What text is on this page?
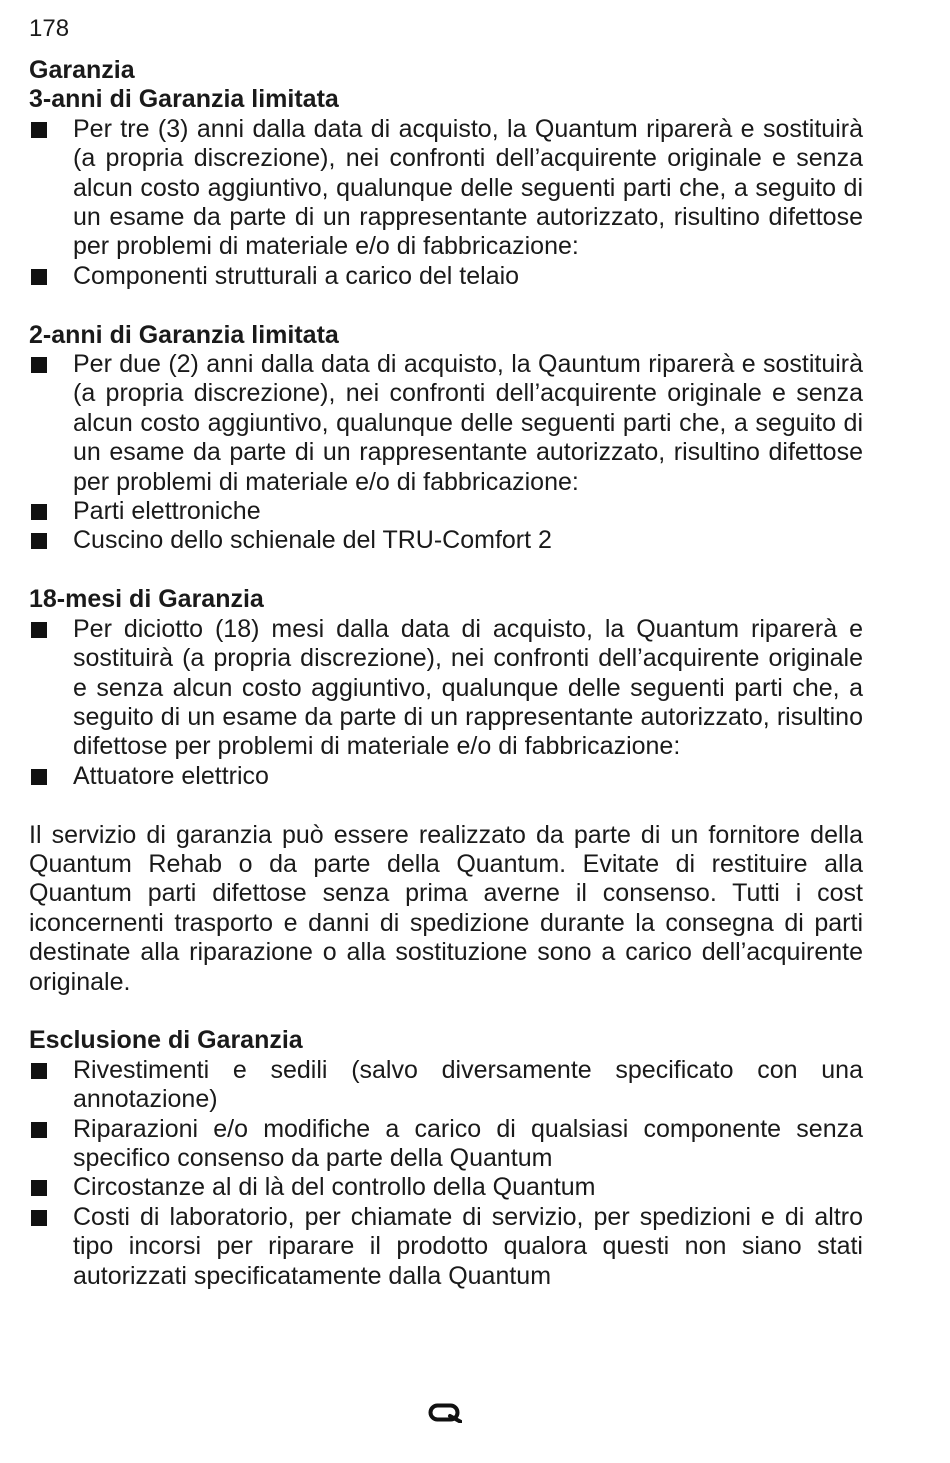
178
Garanzia
3-anni di Garanzia limitata
Per tre (3) anni dalla data di acquisto, la Quantum riparerà e sostituirà (a propria discrezione), nei confronti dell’acquirente originale e senza alcun costo aggiuntivo, qualunque delle seguenti parti che, a seguito di un esame da parte di un rappresentante autorizzato, risultino difettose per problemi di materiale e/o di fabbricazione:
Componenti strutturali a carico del telaio
2-anni di Garanzia limitata
Per due (2) anni dalla data di acquisto, la Qauntum riparerà e sostituirà (a propria discrezione), nei confronti dell’acquirente originale e senza alcun costo aggiuntivo, qualunque delle seguenti parti che, a seguito di un esame da parte di un rappresentante autorizzato, risultino difettose per problemi di materiale e/o di fabbricazione:
Parti elettroniche
Cuscino dello schienale del TRU-Comfort 2
18-mesi di Garanzia
Per diciotto (18) mesi dalla data di acquisto, la Quantum riparerà e sostituirà (a propria discrezione), nei confronti dell’acquirente originale e senza alcun costo aggiuntivo, qualunque delle seguenti parti che, a seguito di un esame da parte di un rappresentante autorizzato, risultino difettose per problemi di materiale e/o di fabbricazione:
Attuatore elettrico

Il servizio di garanzia può essere realizzato da parte di un fornitore della Quantum Rehab o da parte della Quantum. Evitate di restituire alla Quantum parti difettose senza prima averne il consenso. Tutti i cost iconcernenti trasporto e danni di spedizione durante la consegna di parti destinate alla riparazione o alla sostituzione sono a carico dell’acquirente originale.

Esclusione di Garanzia
Rivestimenti e sedili (salvo diversamente specificato con una annotazione)
Riparazioni e/o modifiche a carico di qualsiasi componente senza specifico consenso da parte della Quantum
Circostanze al di là del controllo della Quantum
Costi di laboratorio, per chiamate di servizio, per spedizioni e di altro tipo incorsi per riparare il prodotto qualora questi non siano stati autorizzati specificatamente dalla Quantum
